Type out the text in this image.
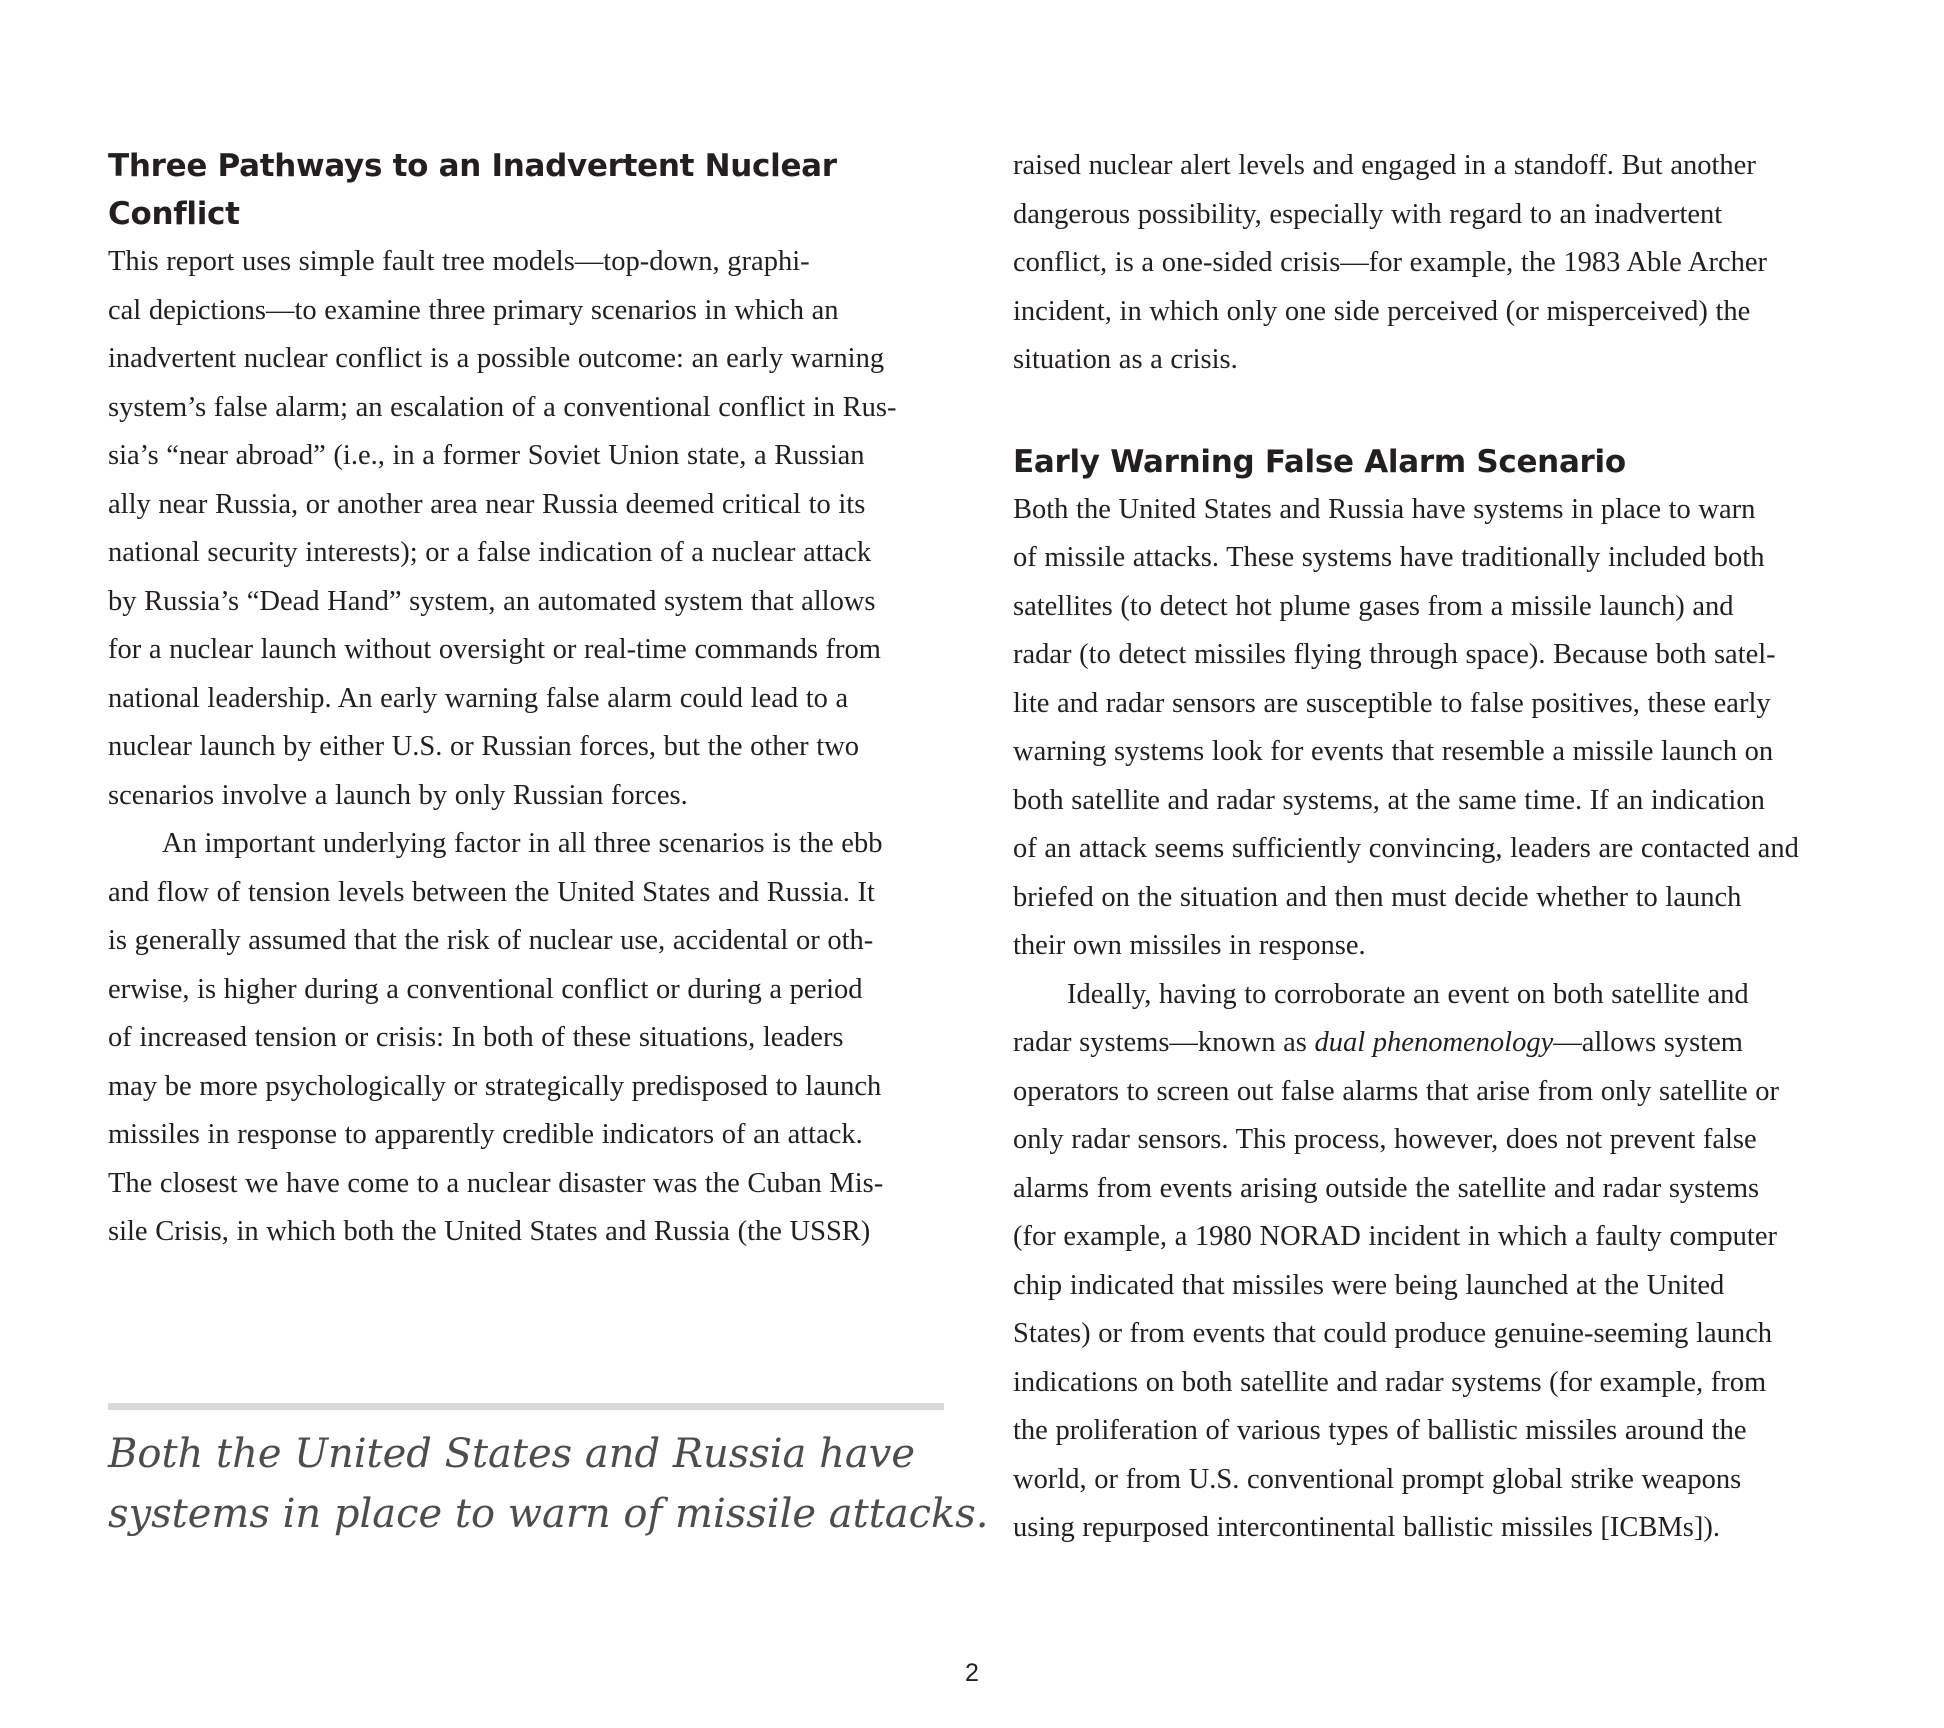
Three Pathways to an Inadvertent Nuclear
Conflict

This report uses simple fault tree models—top-down, graphi-
cal depictions—to examine three primary scenarios in which an
inadvertent nuclear conflict is a possible outcome: an early warning
system’s false alarm; an escalation of a conventional conflict in Rus-
sia’s “near abroad” (i.e., in a former Soviet Union state, a Russian
ally near Russia, or another area near Russia deemed critical to its
national security interests); or a false indication of a nuclear attack
by Russia’s “Dead Hand” system, an automated system that allows
for a nuclear launch without oversight or real-time commands from
national leadership. An early warning false alarm could lead to a
nuclear launch by either U.S. or Russian forces, but the other two
scenarios involve a launch by only Russian forces.

An important underlying factor in all three scenarios is the ebb
and flow of tension levels between the United States and Russia. It
is generally assumed that the risk of nuclear use, accidental or oth-
erwise, is higher during a conventional conflict or during a period
of increased tension or crisis: In both of these situations, leaders
may be more psychologically or strategically predisposed to launch
missiles in response to apparently credible indicators of an attack.
The closest we have come to a nuclear disaster was the Cuban Mis-
sile Crisis, in which both the United States and Russia (the USSR)

Both the United States and Russia have
systems in place to warn of missile attacks.

raised nuclear alert levels and engaged in a standoff. But another
dangerous possibility, especially with regard to an inadvertent
conflict, is a one-sided crisis—for example, the 1983 Able Archer
incident, in which only one side perceived (or misperceived) the
situation as a crisis.

Early Warning False Alarm Scenario

Both the United States and Russia have systems in place to warn
of missile attacks. These systems have traditionally included both
satellites (to detect hot plume gases from a missile launch) and
radar (to detect missiles flying through space). Because both satel-
lite and radar sensors are susceptible to false positives, these early
warning systems look for events that resemble a missile launch on
both satellite and radar systems, at the same time. If an indication
of an attack seems sufficiently convincing, leaders are contacted and
briefed on the situation and then must decide whether to launch
their own missiles in response.

Ideally, having to corroborate an event on both satellite and
radar systems—known as dual phenomenology—allows system
operators to screen out false alarms that arise from only satellite or
only radar sensors. This process, however, does not prevent false
alarms from events arising outside the satellite and radar systems
(for example, a 1980 NORAD incident in which a faulty computer
chip indicated that missiles were being launched at the United
States) or from events that could produce genuine-seeming launch
indications on both satellite and radar systems (for example, from
the proliferation of various types of ballistic missiles around the
world, or from U.S. conventional prompt global strike weapons
using repurposed intercontinental ballistic missiles [ICBMs]).

2
